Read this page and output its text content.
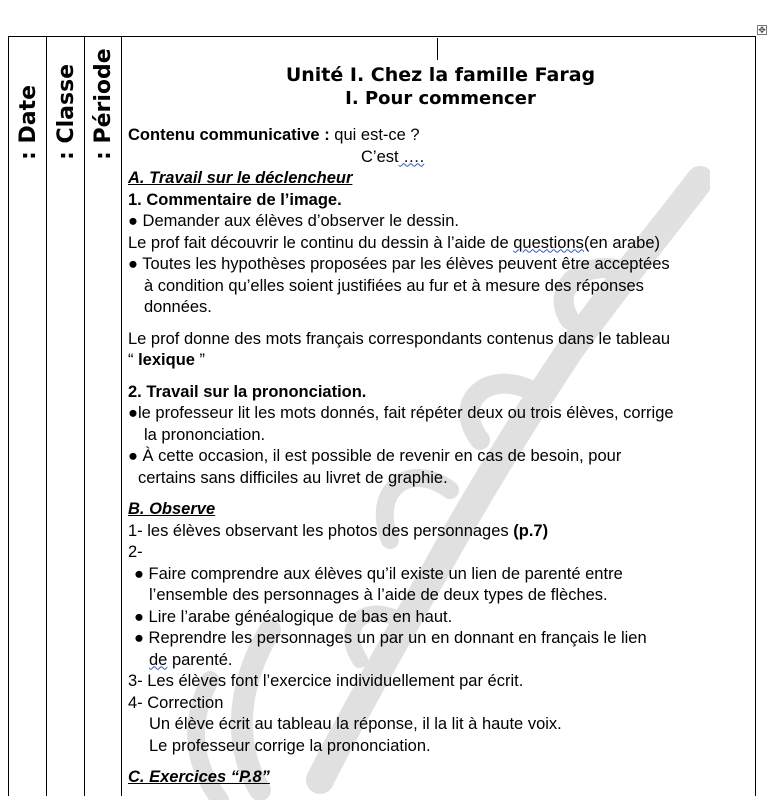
✥
: Date : Classe : Période	Unité I. Chez la famille Farag
I. Pour commencer

Contenu communicative : qui est-ce ?

C’est ….

A. Travail sur le déclencheur

1. Commentaire de l’image.

● Demander aux élèves d’observer le dessin.

Le prof fait découvrir le continu du dessin à l’aide de questions(en arabe)

● Toutes les hypothèses proposées par les élèves peuvent être acceptées

à condition qu’elles soient justifiées au fur et à mesure des réponses

données.

Le prof donne des mots français correspondants contenus dans le tableau

“ lexique ”

2. Travail sur la prononciation.

●le professeur lit les mots donnés, fait répéter deux ou trois élèves, corrige

la prononciation.

● À cette occasion, il est possible de revenir en cas de besoin, pour

certains sans difficiles au livret de graphie.

B. Observe

1- les élèves observant les photos des personnages (p.7)

2-

● Faire comprendre aux élèves qu’il existe un lien de parenté entre

l’ensemble des personnages à l’aide de deux types de flèches.

● Lire l’arabe généalogique de bas en haut.

● Reprendre les personnages un par un en donnant en français le lien

de parenté.

3- Les élèves font l’exercice individuellement par écrit.

4- Correction

Un élève écrit au tableau la réponse, il la lit à haute voix.

Le professeur corrige la prononciation.

C. Exercices “P.8”
